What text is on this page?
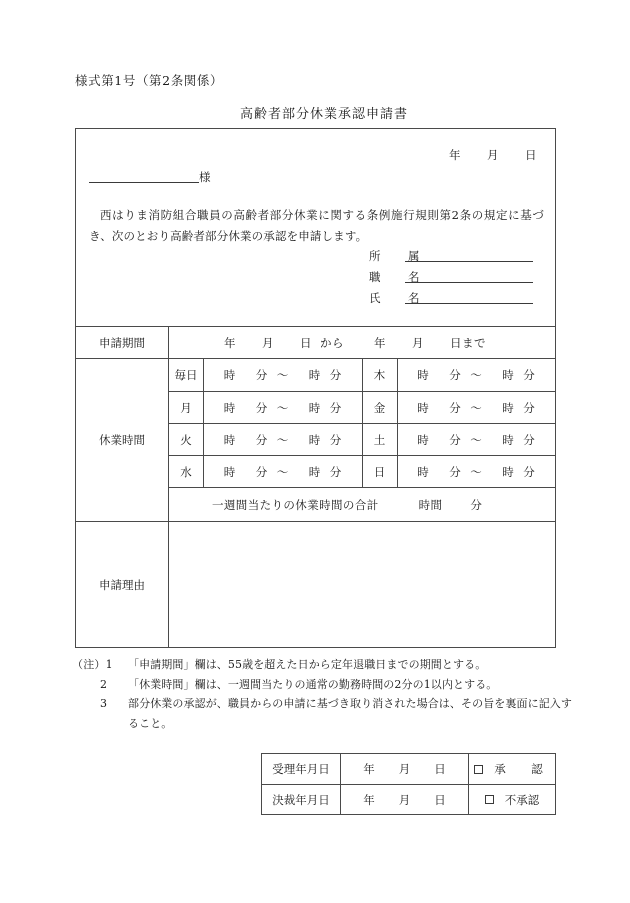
様式第1号（第2条関係）
高齢者部分休業承認申請書
年 月 日
様
西はりま消防組合職員の高齢者部分休業に関する条例施行規則第2条の規定に基づき、次のとおり高齢者部分休業の承認を申請します。
所　属
職　名
氏　名
申請期間	年 月 日 から	年 月 日まで
休業時間
毎日	時 分 ～ 時 分	木	時 分 ～ 時 分
月	時 分 ～ 時 分	金	時 分 ～ 時 分
火	時 分 ～ 時 分	土	時 分 ～ 時 分
水	時 分 ～ 時 分	日	時 分 ～ 時 分
一週間当たりの休業時間の合計	時間 分
申請理由
（注）1	「申請期間」欄は、55歳を超えた日から定年退職日までの期間とする。
2	「休業時間」欄は、一週間当たりの通常の勤務時間の2分の1以内とする。
3	部分休業の承認が、職員からの申請に基づき取り消された場合は、その旨を裏面に記入すること。
受理年月日	年 月 日	承　認
決裁年月日	年 月 日	不承認
